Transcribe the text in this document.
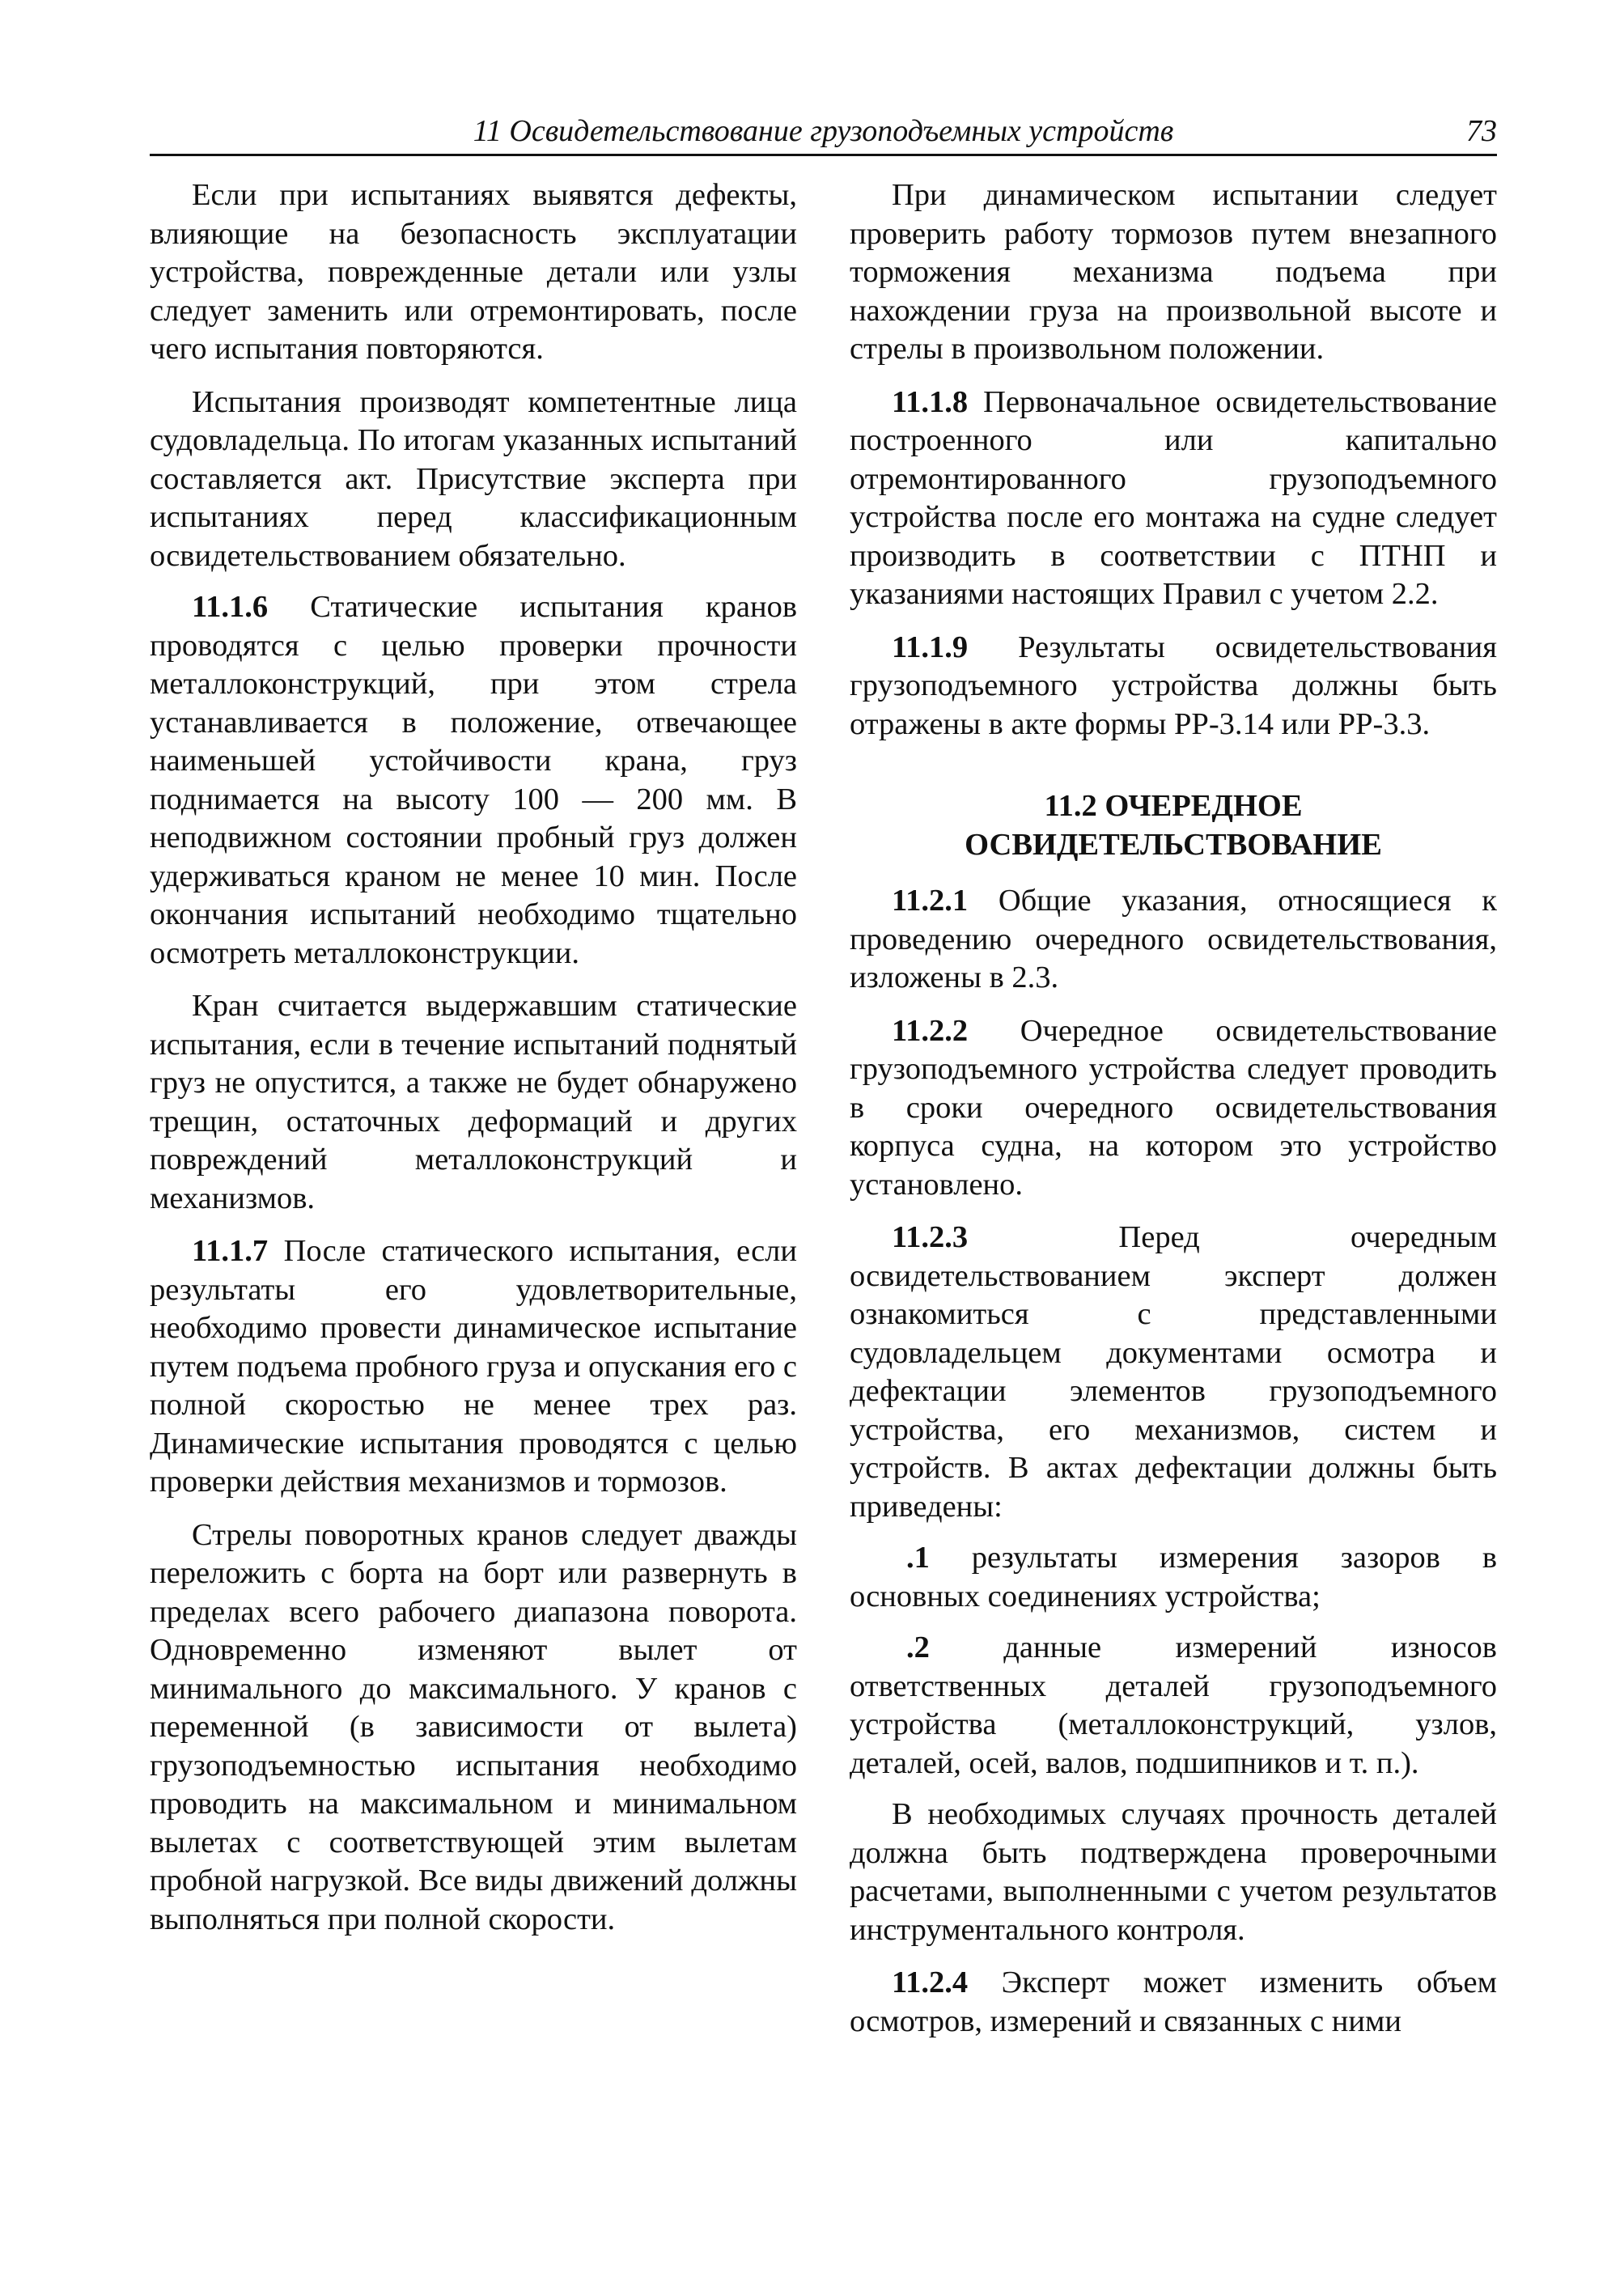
11 Освидетельствование грузоподъемных устройств	73

Если при испытаниях выявятся дефекты, влияющие на безопасность эксплуатации устройства, поврежденные детали или узлы следует заменить или отремонтировать, после чего испытания повторяются.

Испытания производят компетентные лица судовладельца. По итогам указанных испытаний составляется акт. Присутствие эксперта при испытаниях перед классификационным освидетельствованием обязательно.

11.1.6 Статические испытания кранов проводятся с целью проверки прочности металлоконструкций, при этом стрела устанавливается в положение, отвечающее наименьшей устойчивости крана, груз поднимается на высоту 100 — 200 мм. В неподвижном состоянии пробный груз должен удерживаться краном не менее 10 мин. После окончания испытаний необходимо тщательно осмотреть металлоконструкции.

Кран считается выдержавшим статические испытания, если в течение испытаний поднятый груз не опустится, а также не будет обнаружено трещин, остаточных деформаций и других повреждений металлоконструкций и механизмов.

11.1.7 После статического испытания, если результаты его удовлетворительные, необходимо провести динамическое испытание путем подъема пробного груза и опускания его с полной скоростью не менее трех раз. Динамические испытания проводятся с целью проверки действия механизмов и тормозов.

Стрелы поворотных кранов следует дважды переложить с борта на борт или развернуть в пределах всего рабочего диапазона поворота. Одновременно изменяют вылет от минимального до максимального. У кранов с переменной (в зависимости от вылета) грузоподъемностью испытания необходимо проводить на максимальном и минимальном вылетах с соответствующей этим вылетам пробной нагрузкой. Все виды движений должны выполняться при полной скорости.

При динамическом испытании следует проверить работу тормозов путем внезапного торможения механизма подъема при нахождении груза на произвольной высоте и стрелы в произвольном положении.

11.1.8 Первоначальное освидетельствование построенного или капитально отремонтированного грузоподъемного устройства после его монтажа на судне следует производить в соответствии с ПТНП и указаниями настоящих Правил с учетом 2.2.

11.1.9 Результаты освидетельствования грузоподъемного устройства должны быть отражены в акте формы РР-3.14 или РР-3.3.

11.2 ОЧЕРЕДНОЕ
ОСВИДЕТЕЛЬСТВОВАНИЕ

11.2.1 Общие указания, относящиеся к проведению очередного освидетельствования, изложены в 2.3.

11.2.2 Очередное освидетельствование грузоподъемного устройства следует проводить в сроки очередного освидетельствования корпуса судна, на котором это устройство установлено.

11.2.3 Перед очередным освидетельствованием эксперт должен ознакомиться с представленными судовладельцем документами осмотра и дефектации элементов грузоподъемного устройства, его механизмов, систем и устройств. В актах дефектации должны быть приведены:

.1 результаты измерения зазоров в основных соединениях устройства;

.2 данные измерений износов ответственных деталей грузоподъемного устройства (металлоконструкций, узлов, деталей, осей, валов, подшипников и т. п.).

В необходимых случаях прочность деталей должна быть подтверждена проверочными расчетами, выполненными с учетом результатов инструментального контроля.

11.2.4 Эксперт может изменить объем осмотров, измерений и связанных с ними
